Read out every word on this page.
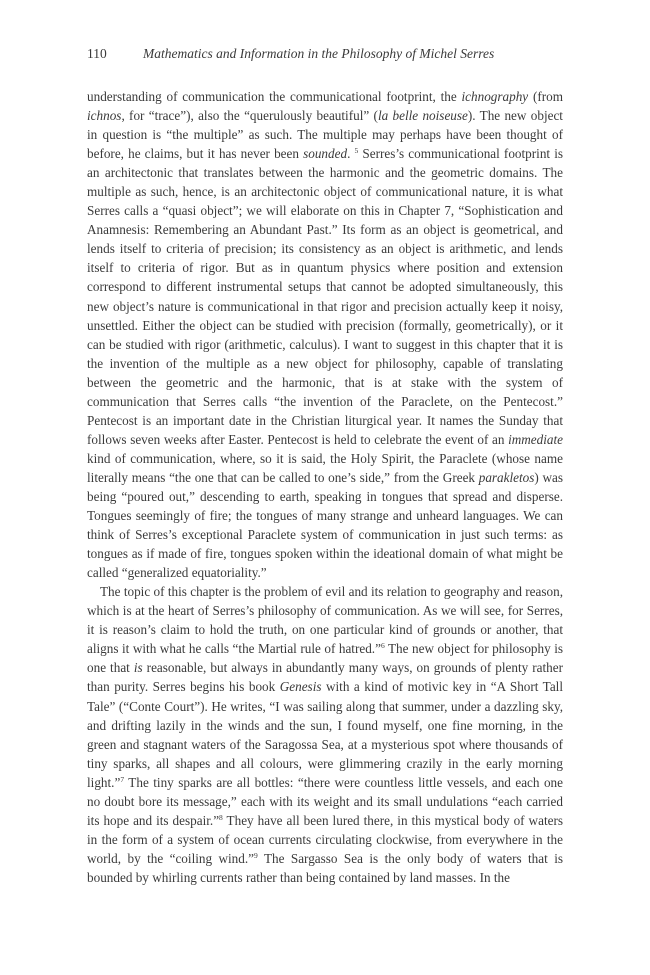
110	Mathematics and Information in the Philosophy of Michel Serres

understanding of communication the communicational footprint, the ichnography (from ichnos, for “trace”), also the “querulously beautiful” (la belle noiseuse). The new object in question is “the multiple” as such. The multiple may perhaps have been thought of before, he claims, but it has never been sounded. $^5$ Serres’s communicational footprint is an architectonic that translates between the harmonic and the geometric domains. The multiple as such, hence, is an architectonic object of communicational nature, it is what Serres calls a “quasi object”; we will elaborate on this in Chapter 7, “Sophistication and Anamnesis: Remembering an Abundant Past.” Its form as an object is geometrical, and lends itself to criteria of precision; its consistency as an object is arithmetic, and lends itself to criteria of rigor. But as in quantum physics where position and extension correspond to different instrumental setups that cannot be adopted simultaneously, this new object’s nature is communicational in that rigor and precision actually keep it noisy, unsettled. Either the object can be studied with precision (formally, geometrically), or it can be studied with rigor (arithmetic, calculus). I want to suggest in this chapter that it is the invention of the multiple as a new object for philosophy, capable of translating between the geometric and the harmonic, that is at stake with the system of communication that Serres calls “the invention of the Paraclete, on the Pentecost.” Pentecost is an important date in the Christian liturgical year. It names the Sunday that follows seven weeks after Easter. Pentecost is held to celebrate the event of an immediate kind of communication, where, so it is said, the Holy Spirit, the Paraclete (whose name literally means “the one that can be called to one’s side,” from the Greek parakletos) was being “poured out,” descending to earth, speaking in tongues that spread and disperse. Tongues seemingly of fire; the tongues of many strange and unheard languages. We can think of Serres’s exceptional Paraclete system of communication in just such terms: as tongues as if made of fire, tongues spoken within the ideational domain of what might be called “generalized equatoriality.”

The topic of this chapter is the problem of evil and its relation to geography and reason, which is at the heart of Serres’s philosophy of communication. As we will see, for Serres, it is reason’s claim to hold the truth, on one particular kind of grounds or another, that aligns it with what he calls “the Martial rule of hatred.”$^6$ The new object for philosophy is one that is reasonable, but always in abundantly many ways, on grounds of plenty rather than purity. Serres begins his book Genesis with a kind of motivic key in “A Short Tall Tale” (“Conte Court”). He writes, “I was sailing along that summer, under a dazzling sky, and drifting lazily in the winds and the sun, I found myself, one fine morning, in the green and stagnant waters of the Saragossa Sea, at a mysterious spot where thousands of tiny sparks, all shapes and all colours, were glimmering crazily in the early morning light.”$^7$ The tiny sparks are all bottles: “there were countless little vessels, and each one no doubt bore its message,” each with its weight and its small undulations “each carried its hope and its despair.”$^8$ They have all been lured there, in this mystical body of waters in the form of a system of ocean currents circulating clockwise, from everywhere in the world, by the “coiling wind.”$^9$ The Sargasso Sea is the only body of waters that is bounded by whirling currents rather than being contained by land masses. In the
